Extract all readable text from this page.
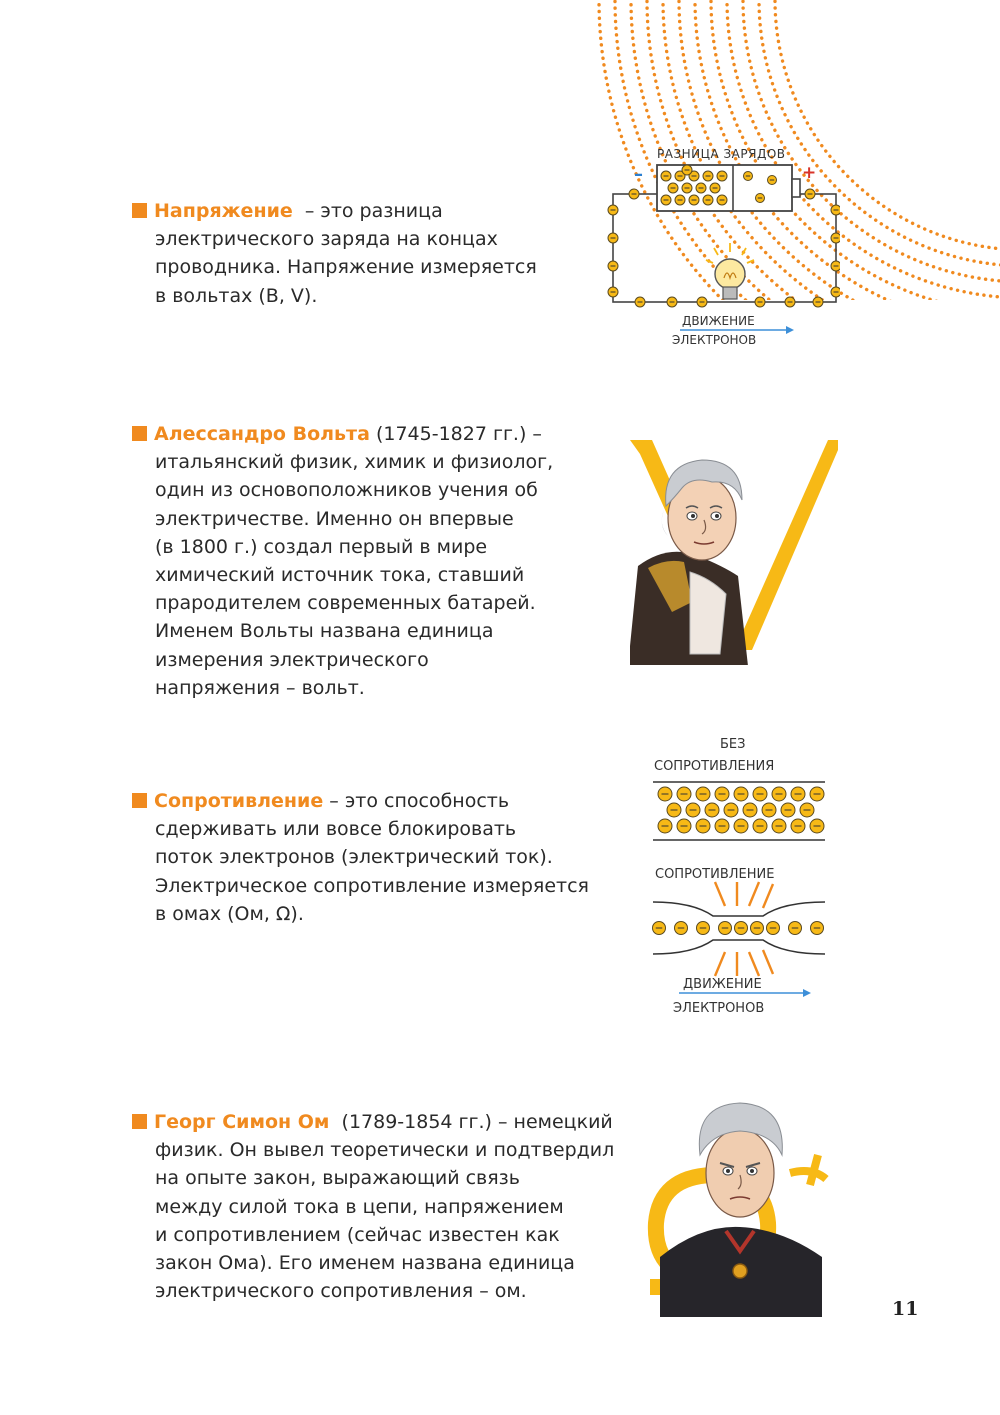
Напряжение  – это разница
электрического заряда на концах
проводника. Напряжение измеряется
в вольтах (В, V).
Алессандро Вольта (1745-1827 гг.) –
итальянский физик, химик и физиолог,
один из основоположников учения об
электричестве. Именно он впервые
(в 1800 г.) создал первый в мире
химический источник тока, ставший
прародителем современных батарей.
Именем Вольты названа единица
измерения электрического
напряжения – вольт.
Сопротивление – это способность
сдерживать или вовсе блокировать
поток электронов (электрический ток).
Электрическое сопротивление измеряется
в омах (Ом, Ω).
Георг Симон Ом  (1789-1854 гг.) – немецкий
физик. Он вывел теоретически и подтвердил
на опыте закон, выражающий связь
между силой тока в цепи, напряжением
и сопротивлением (сейчас известен как
закон Ома). Его именем названа единица
электрического сопротивления – ом.
РАЗНИЦА ЗАРЯДОВ
–	+
ДВИЖЕНИЕ
ЭЛЕКТРОНОВ
БЕЗ
СОПРОТИВЛЕНИЯ
СОПРОТИВЛЕНИЕ
ДВИЖЕНИЕ
ЭЛЕКТРОНОВ
11
